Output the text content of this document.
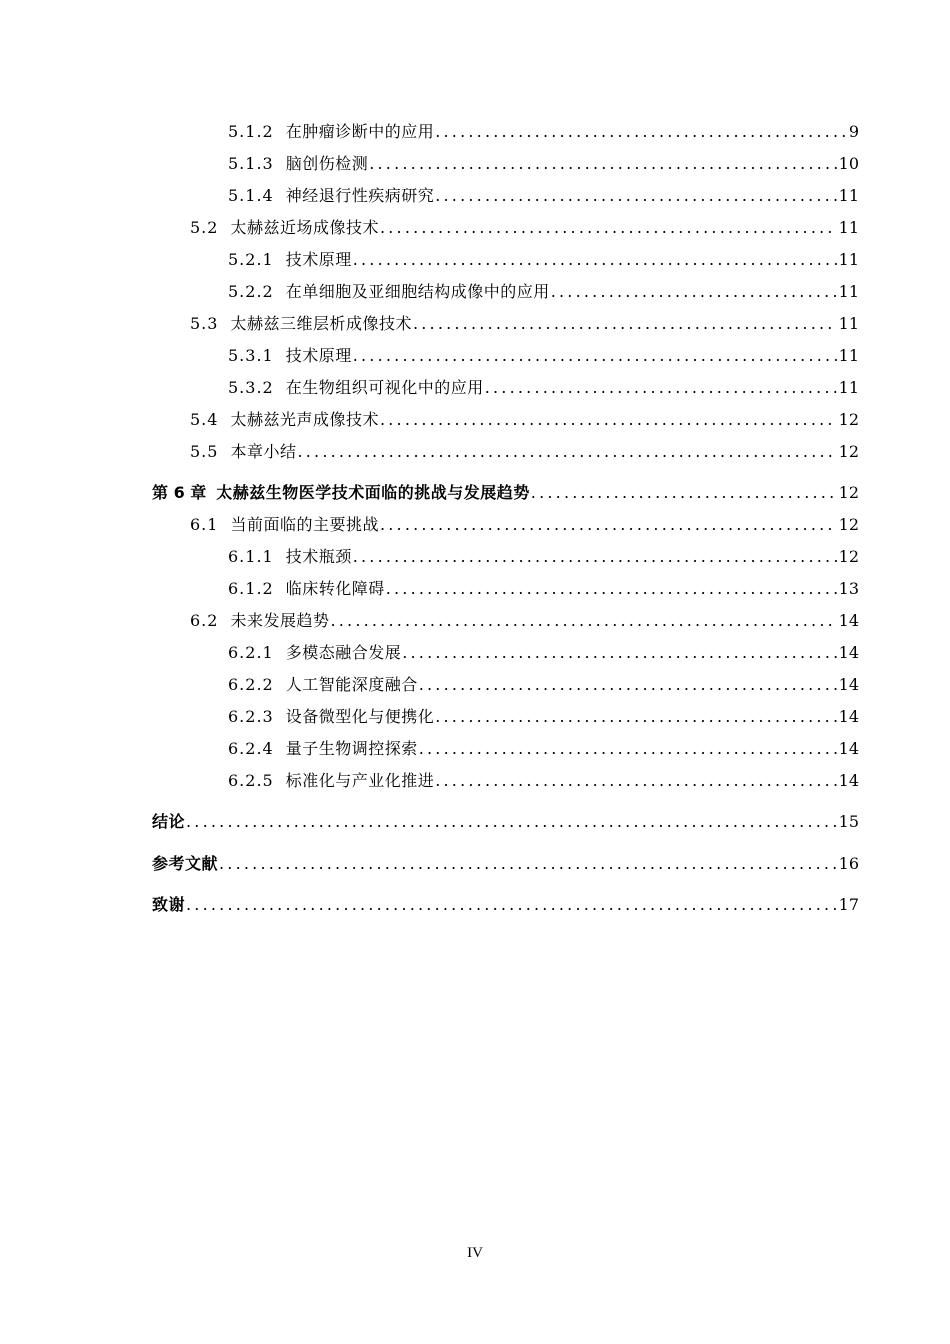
5.1.2 在肿瘤诊断中的应用 .....	9
5.1.3 脑创伤检测 .....	10
5.1.4 神经退行性疾病研究 .....	11
5.2 太赫兹近场成像技术 .....	11
5.2.1 技术原理 .....	11
5.2.2 在单细胞及亚细胞结构成像中的应用 .....	11
5.3 太赫兹三维层析成像技术 .....	11
5.3.1 技术原理 .....	11
5.3.2 在生物组织可视化中的应用 .....	11
5.4 太赫兹光声成像技术 .....	12
5.5 本章小结 .....	12
第 6 章 太赫兹生物医学技术面临的挑战与发展趋势 .....	12
6.1 当前面临的主要挑战 .....	12
6.1.1 技术瓶颈 .....	12
6.1.2 临床转化障碍 .....	13
6.2 未来发展趋势 .....	14
6.2.1 多模态融合发展 .....	14
6.2.2 人工智能深度融合 .....	14
6.2.3 设备微型化与便携化 .....	14
6.2.4 量子生物调控探索 .....	14
6.2.5 标准化与产业化推进 .....	14
结论 .....	15
参考文献 .....	16
致谢 .....	17
IV
